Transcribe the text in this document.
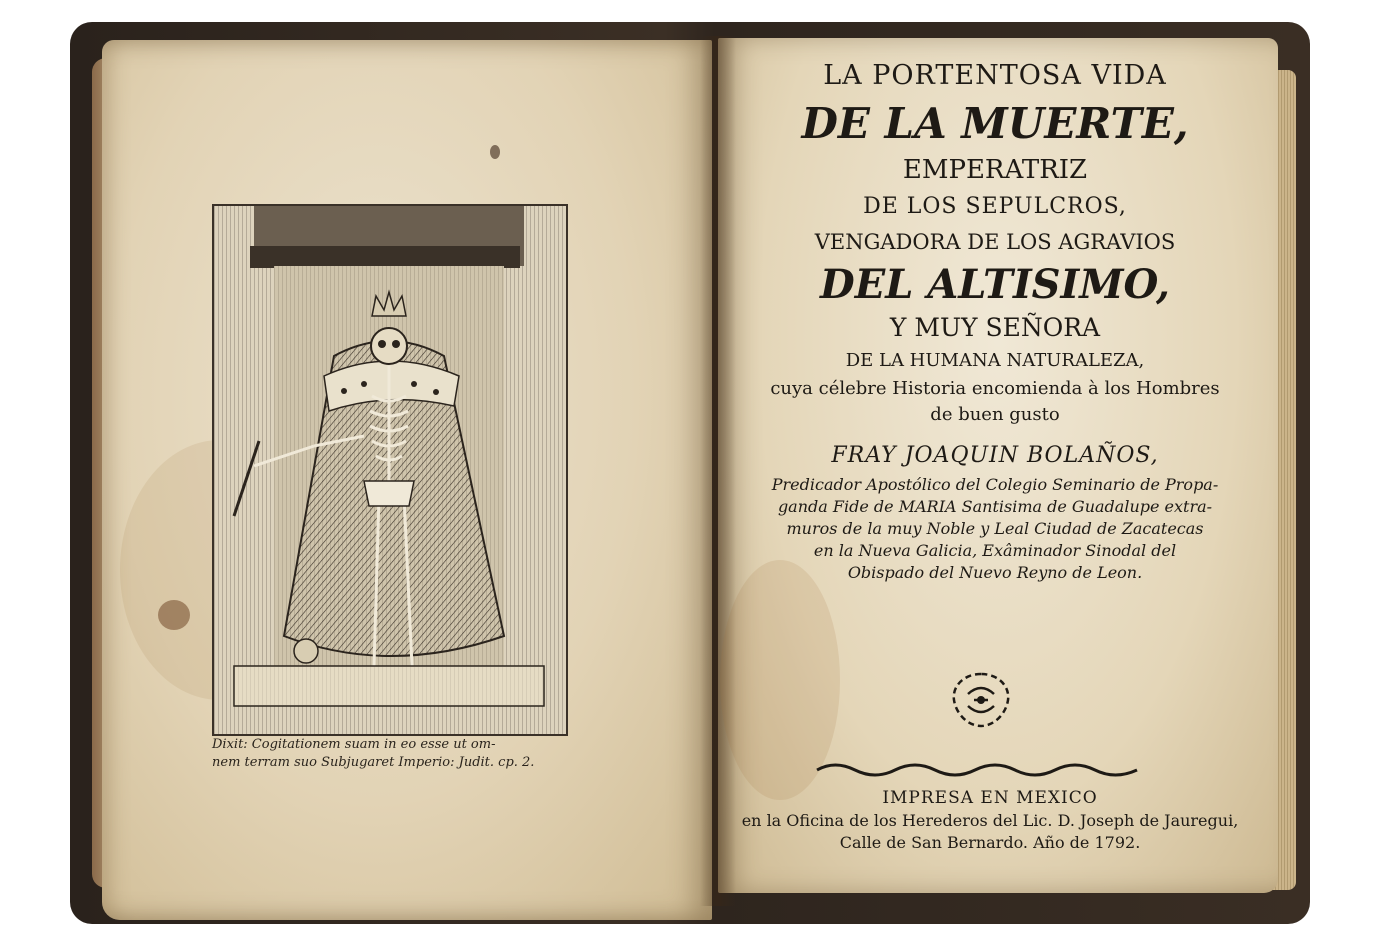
Dixit: Cogitationem suam in eo esse ut om-
nem terram suo Subjugaret Imperio: Judit. cp. 2.
LA PORTENTOSA VIDA
DE LA MUERTE,
EMPERATRIZ
DE LOS SEPULCROS,
VENGADORA DE LOS AGRAVIOS
DEL ALTISIMO,
Y MUY SEÑORA
DE LA HUMANA NATURALEZA,
cuya célebre Historia encomienda à los Hombres
de buen gusto
FRAY JOAQUIN BOLAÑOS,
Predicador Apostólico del Colegio Seminario de Propa-
ganda Fide de MARIA Santisima de Guadalupe extra-
muros de la muy Noble y Leal Ciudad de Zacatecas
en la Nueva Galicia, Exâminador Sinodal del
Obispado del Nuevo Reyno de Leon.
IMPRESA EN MEXICO
en la Oficina de los Herederos del Lic. D. Joseph de Jauregui,
Calle de San Bernardo. Año de 1792.
